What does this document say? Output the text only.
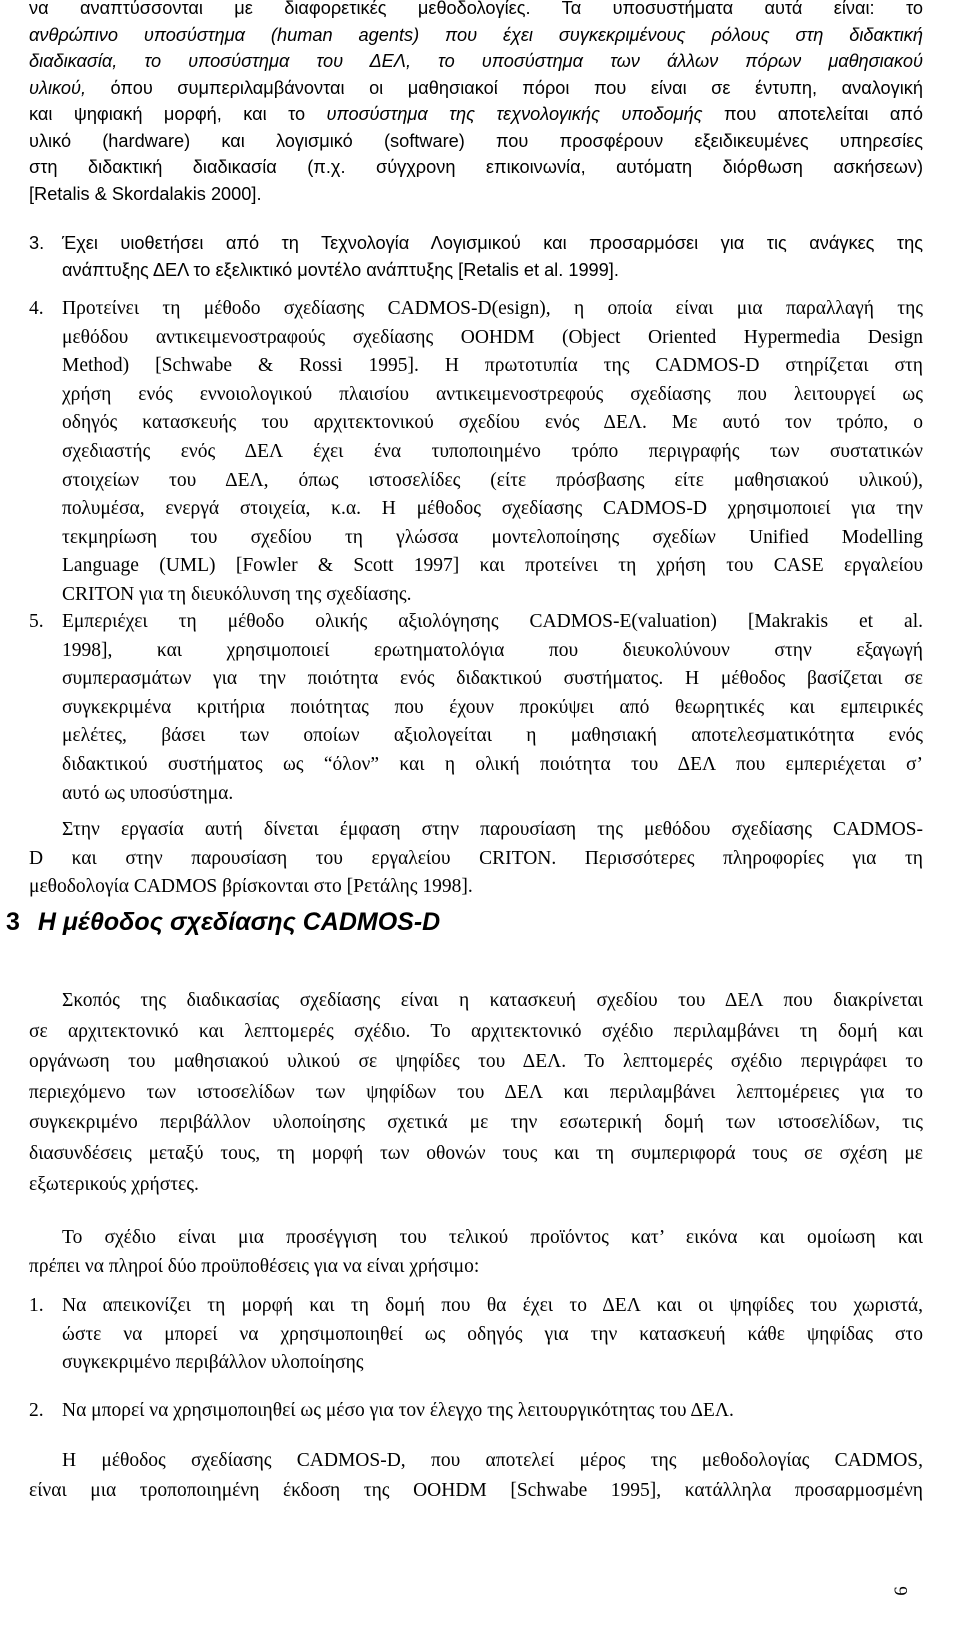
να αναπτύσσονται με διαφορετικές μεθοδολογίες. Τα υποσυστήματα αυτά είναι: το
ανθρώπινο υποσύστημα (human agents) που έχει συγκεκριμένους ρόλους στη διδακτική
διαδικασία, το υποσύστημα του ΔΕΛ, το υποσύστημα των άλλων πόρων μαθησιακού
υλικού, όπου συμπεριλαμβάνονται οι μαθησιακοί πόροι που είναι σε έντυπη, αναλογική
και ψηφιακή μορφή, και το υποσύστημα της τεχνολογικής υποδομής που αποτελείται από
υλικό (hardware) και λογισμικό (software) που προσφέρουν εξειδικευμένες υπηρεσίες
στη διδακτική διαδικασία (π.χ. σύγχρονη επικοινωνία, αυτόματη διόρθωση ασκήσεων)
[Retalis & Skordalakis 2000].
3. Έχει υιοθετήσει από τη Τεχνολογία Λογισμικού και προσαρμόσει για τις ανάγκες της
ανάπτυξης ΔΕΛ το εξελικτικό μοντέλο ανάπτυξης [Retalis et al. 1999].
4. Προτείνει τη μέθοδο σχεδίασης CADMOS-D(esign), η οποία είναι μια παραλλαγή της
μεθόδου αντικειμενοστραφούς σχεδίασης OOHDM (Object Oriented Hypermedia Design
Method) [Schwabe & Rossi 1995]. Η πρωτοτυπία της CADMOS-D στηρίζεται στη
χρήση ενός εννοιολογικού πλαισίου αντικειμενοστρεφούς σχεδίασης που λειτουργεί ως
οδηγός κατασκευής του αρχιτεκτονικού σχεδίου ενός ΔΕΛ. Με αυτό τον τρόπο, ο
σχεδιαστής ενός ΔΕΛ έχει ένα τυποποιημένο τρόπο περιγραφής των συστατικών
στοιχείων του ΔΕΛ, όπως ιστοσελίδες (είτε πρόσβασης είτε μαθησιακού υλικού),
πολυμέσα, ενεργά στοιχεία, κ.α. Η μέθοδος σχεδίασης CADMOS-D χρησιμοποιεί για την
τεκμηρίωση του σχεδίου τη γλώσσα μοντελοποίησης σχεδίων Unified Modelling
Language (UML) [Fowler & Scott 1997] και προτείνει τη χρήση του CASE εργαλείου
CRITON για τη διευκόλυνση της σχεδίασης.
5. Εμπεριέχει τη μέθοδο ολικής αξιολόγησης CADMOS-E(valuation) [Makrakis et al.
1998], και χρησιμοποιεί ερωτηματολόγια που διευκολύνουν στην εξαγωγή
συμπερασμάτων για την ποιότητα ενός διδακτικού συστήματος. Η μέθοδος βασίζεται σε
συγκεκριμένα κριτήρια ποιότητας που έχουν προκύψει από θεωρητικές και εμπειρικές
μελέτες, βάσει των οποίων αξιολογείται η μαθησιακή αποτελεσματικότητα ενός
διδακτικού συστήματος ως “όλον” και η ολική ποιότητα του ΔΕΛ που εμπεριέχεται σ’
αυτό ως υποσύστημα.
Στην εργασία αυτή δίνεται έμφαση στην παρουσίαση της μεθόδου σχεδίασης CADMOS-
D και στην παρουσίαση του εργαλείου CRITON. Περισσότερες πληροφορίες για τη
μεθοδολογία CADMOS βρίσκονται στο [Ρετάλης 1998].
3 Η μέθοδος σχεδίασης CADMOS-D
Σκοπός της διαδικασίας σχεδίασης είναι η κατασκευή σχεδίου του ΔΕΛ που διακρίνεται
σε αρχιτεκτονικό και λεπτομερές σχέδιο. Το αρχιτεκτονικό σχέδιο περιλαμβάνει τη δομή και
οργάνωση του μαθησιακού υλικού σε ψηφίδες του ΔΕΛ. Το λεπτομερές σχέδιο περιγράφει το
περιεχόμενο των ιστοσελίδων των ψηφίδων του ΔΕΛ και περιλαμβάνει λεπτομέρειες για το
συγκεκριμένο περιβάλλον υλοποίησης σχετικά με την εσωτερική δομή των ιστοσελίδων, τις
διασυνδέσεις μεταξύ τους, τη μορφή των οθονών τους και τη συμπεριφορά τους σε σχέση με
εξωτερικούς χρήστες.
Το σχέδιο είναι μια προσέγγιση του τελικού προϊόντος κατ’ εικόνα και ομοίωση και
πρέπει να πληροί δύο προϋποθέσεις για να είναι χρήσιμο:
1. Να απεικονίζει τη μορφή και τη δομή που θα έχει το ΔΕΛ και οι ψηφίδες του χωριστά,
ώστε να μπορεί να χρησιμοποιηθεί ως οδηγός για την κατασκευή κάθε ψηφίδας στο
συγκεκριμένο περιβάλλον υλοποίησης
2. Να μπορεί να χρησιμοποιηθεί ως μέσο για τον έλεγχο της λειτουργικότητας του ΔΕΛ.
Η μέθοδος σχεδίασης CADMOS-D, που αποτελεί μέρος της μεθοδολογίας CADMOS,
είναι μια τροποποιημένη έκδοση της OOHDM [Schwabe 1995], κατάλληλα προσαρμοσμένη
6
